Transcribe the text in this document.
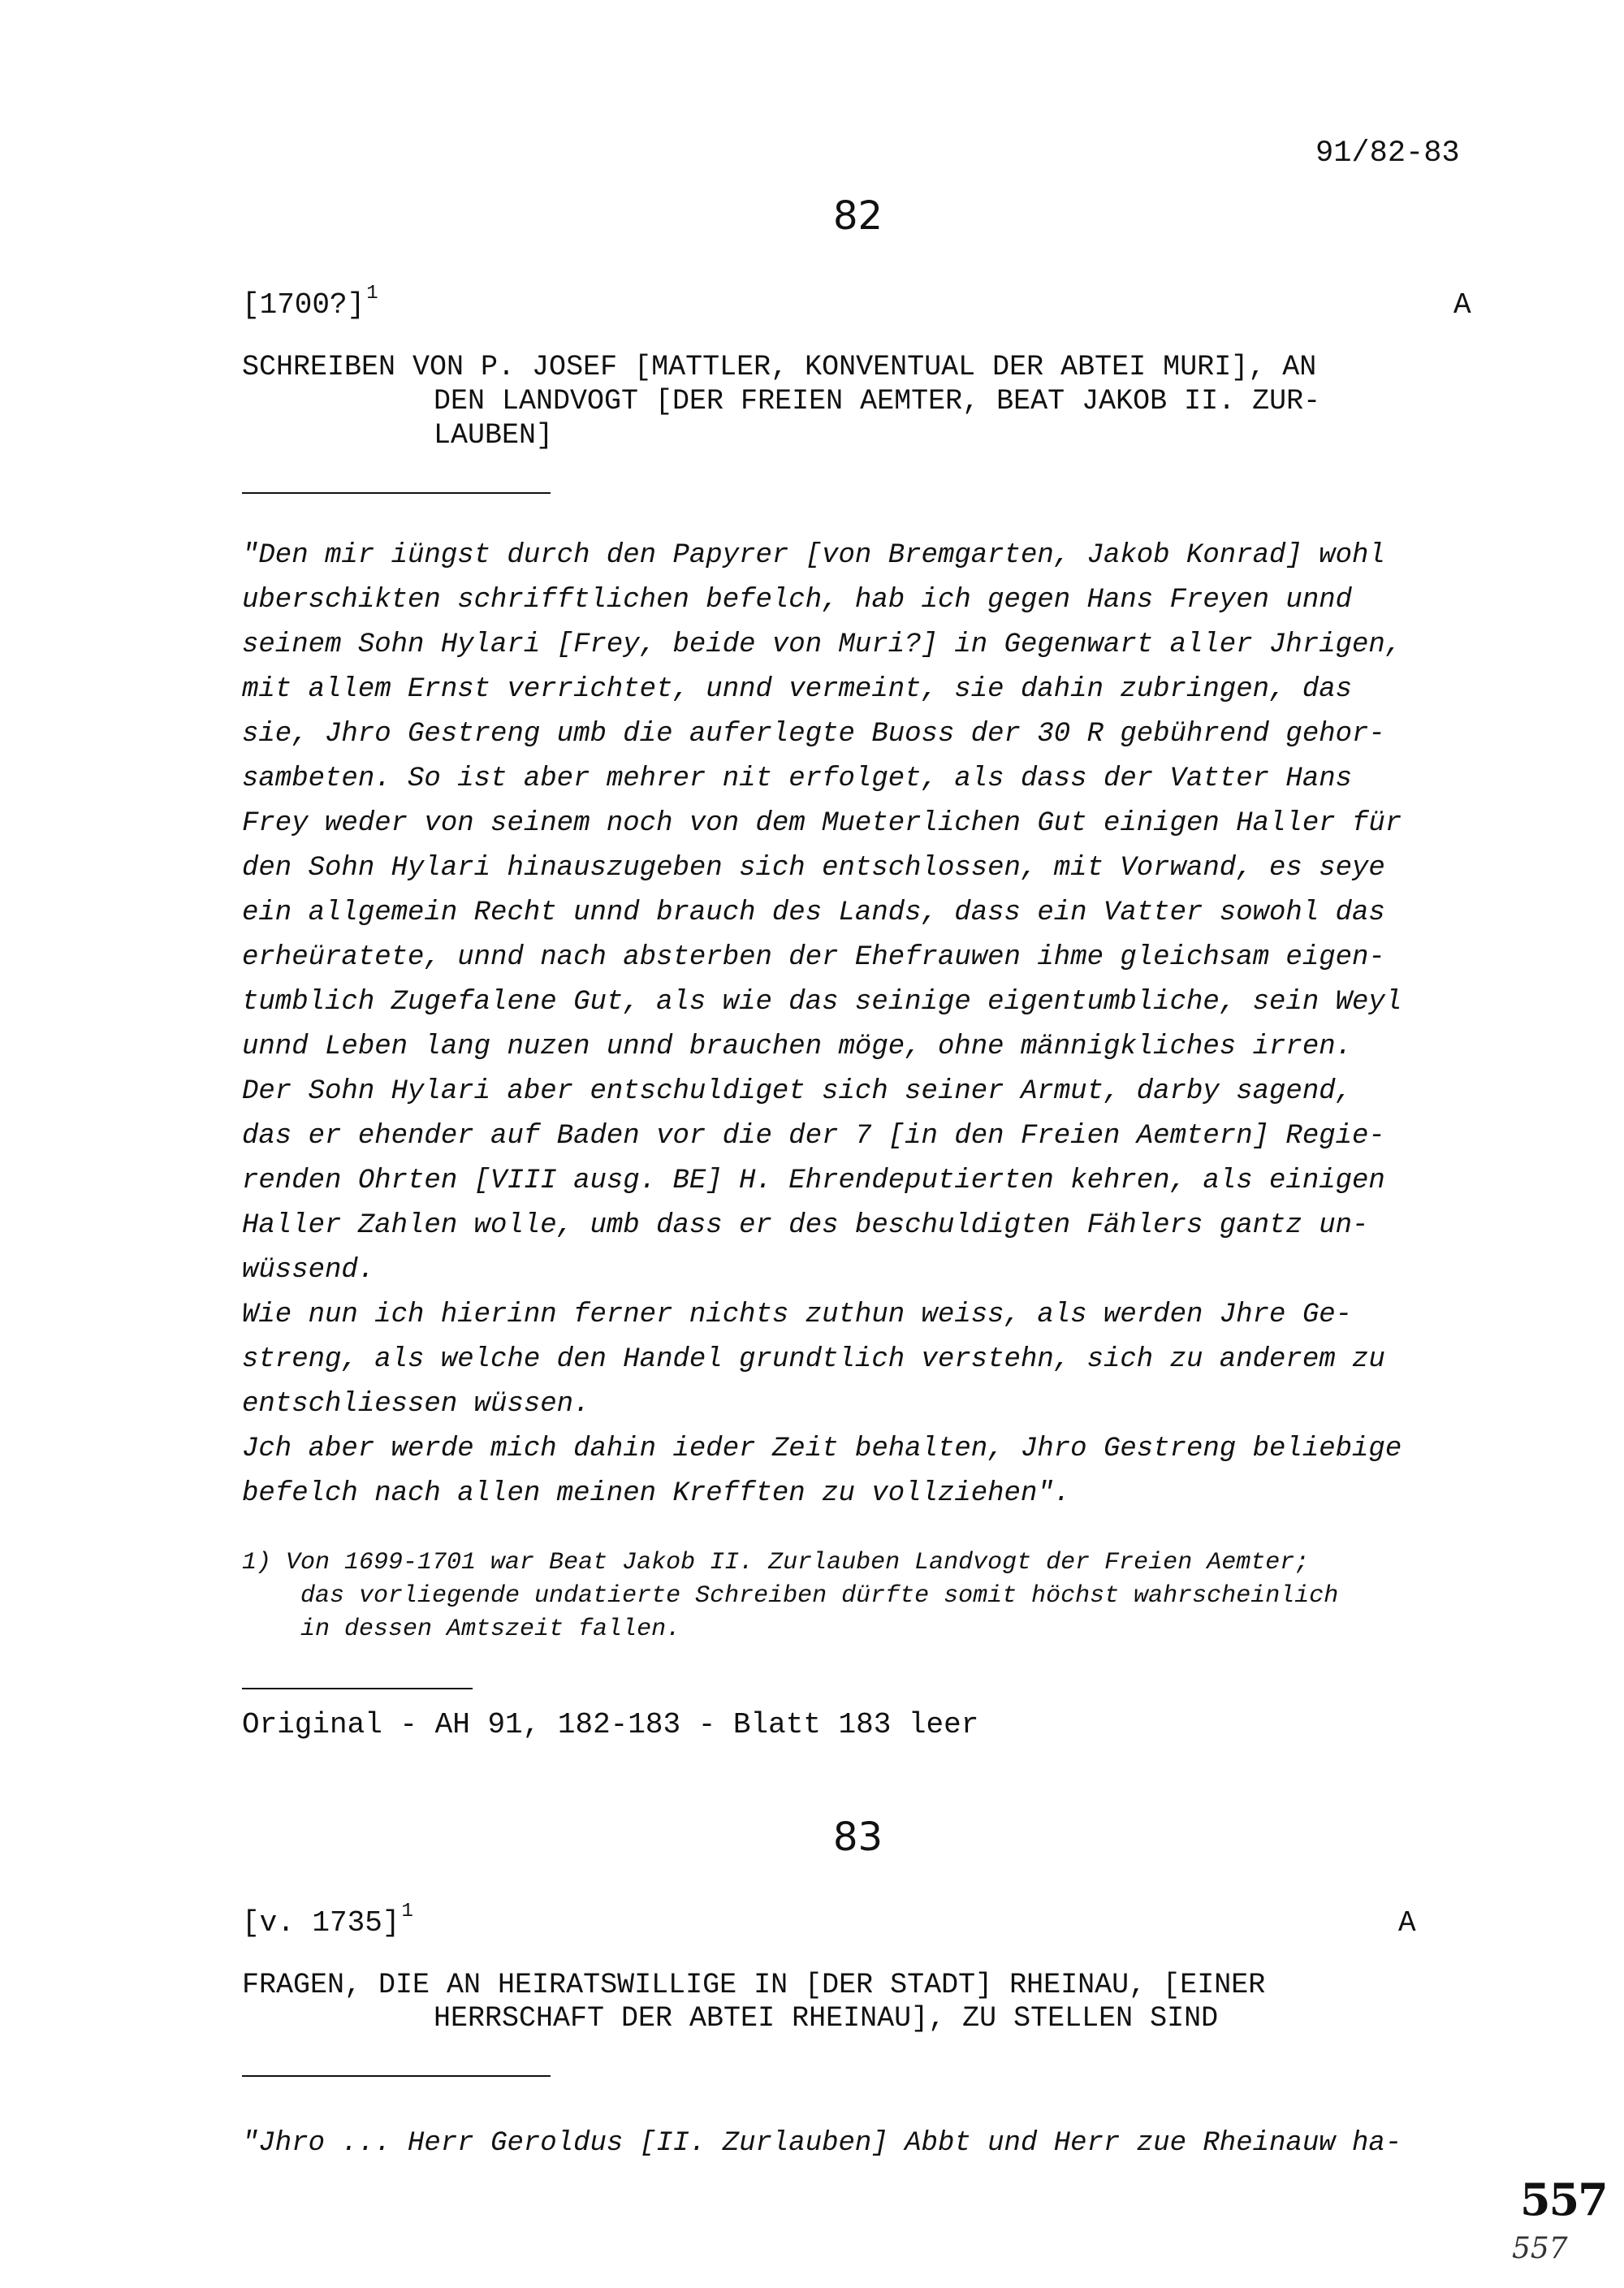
91/82-83
82
[1700?]$^1$	A
SCHREIBEN VON P. JOSEF [MATTLER, KONVENTUAL DER ABTEI MURI], AN
DEN LANDVOGT [DER FREIEN AEMTER, BEAT JAKOB II. ZUR-
LAUBEN]
"Den mir iüngst durch den Papyrer [von Bremgarten, Jakob Konrad] wohl
uberschikten schrifftlichen befelch, hab ich gegen Hans Freyen unnd
seinem Sohn Hylari [Frey, beide von Muri?] in Gegenwart aller Jhrigen,
mit allem Ernst verrichtet, unnd vermeint, sie dahin zubringen, das
sie, Jhro Gestreng umb die auferlegte Buoss der 30 R gebührend gehor-
sambeten. So ist aber mehrer nit erfolget, als dass der Vatter Hans
Frey weder von seinem noch von dem Mueterlichen Gut einigen Haller für
den Sohn Hylari hinauszugeben sich entschlossen, mit Vorwand, es seye
ein allgemein Recht unnd brauch des Lands, dass ein Vatter sowohl das
erheüratete, unnd nach absterben der Ehefrauwen ihme gleichsam eigen-
tumblich Zugefalene Gut, als wie das seinige eigentumbliche, sein Weyl
unnd Leben lang nuzen unnd brauchen möge, ohne männigkliches irren.
Der Sohn Hylari aber entschuldiget sich seiner Armut, darby sagend,
das er ehender auf Baden vor die der 7 [in den Freien Aemtern] Regie-
renden Ohrten [VIII ausg. BE] H. Ehrendeputierten kehren, als einigen
Haller Zahlen wolle, umb dass er des beschuldigten Fählers gantz un-
wüssend.
Wie nun ich hierinn ferner nichts zuthun weiss, als werden Jhre Ge-
streng, als welche den Handel grundtlich verstehn, sich zu anderem zu
entschliessen wüssen.
Jch aber werde mich dahin ieder Zeit behalten, Jhro Gestreng beliebige
befelch nach allen meinen Krefften zu vollziehen".
1) Von 1699-1701 war Beat Jakob II. Zurlauben Landvogt der Freien Aemter;
das vorliegende undatierte Schreiben dürfte somit höchst wahrscheinlich
in dessen Amtszeit fallen.
Original - AH 91, 182-183 - Blatt 183 leer
83
[v. 1735]$^1$	A
FRAGEN, DIE AN HEIRATSWILLIGE IN [DER STADT] RHEINAU, [EINER
HERRSCHAFT DER ABTEI RHEINAU], ZU STELLEN SIND
"Jhro ... Herr Geroldus [II. Zurlauben] Abbt und Herr zue Rheinauw ha-
557
557
